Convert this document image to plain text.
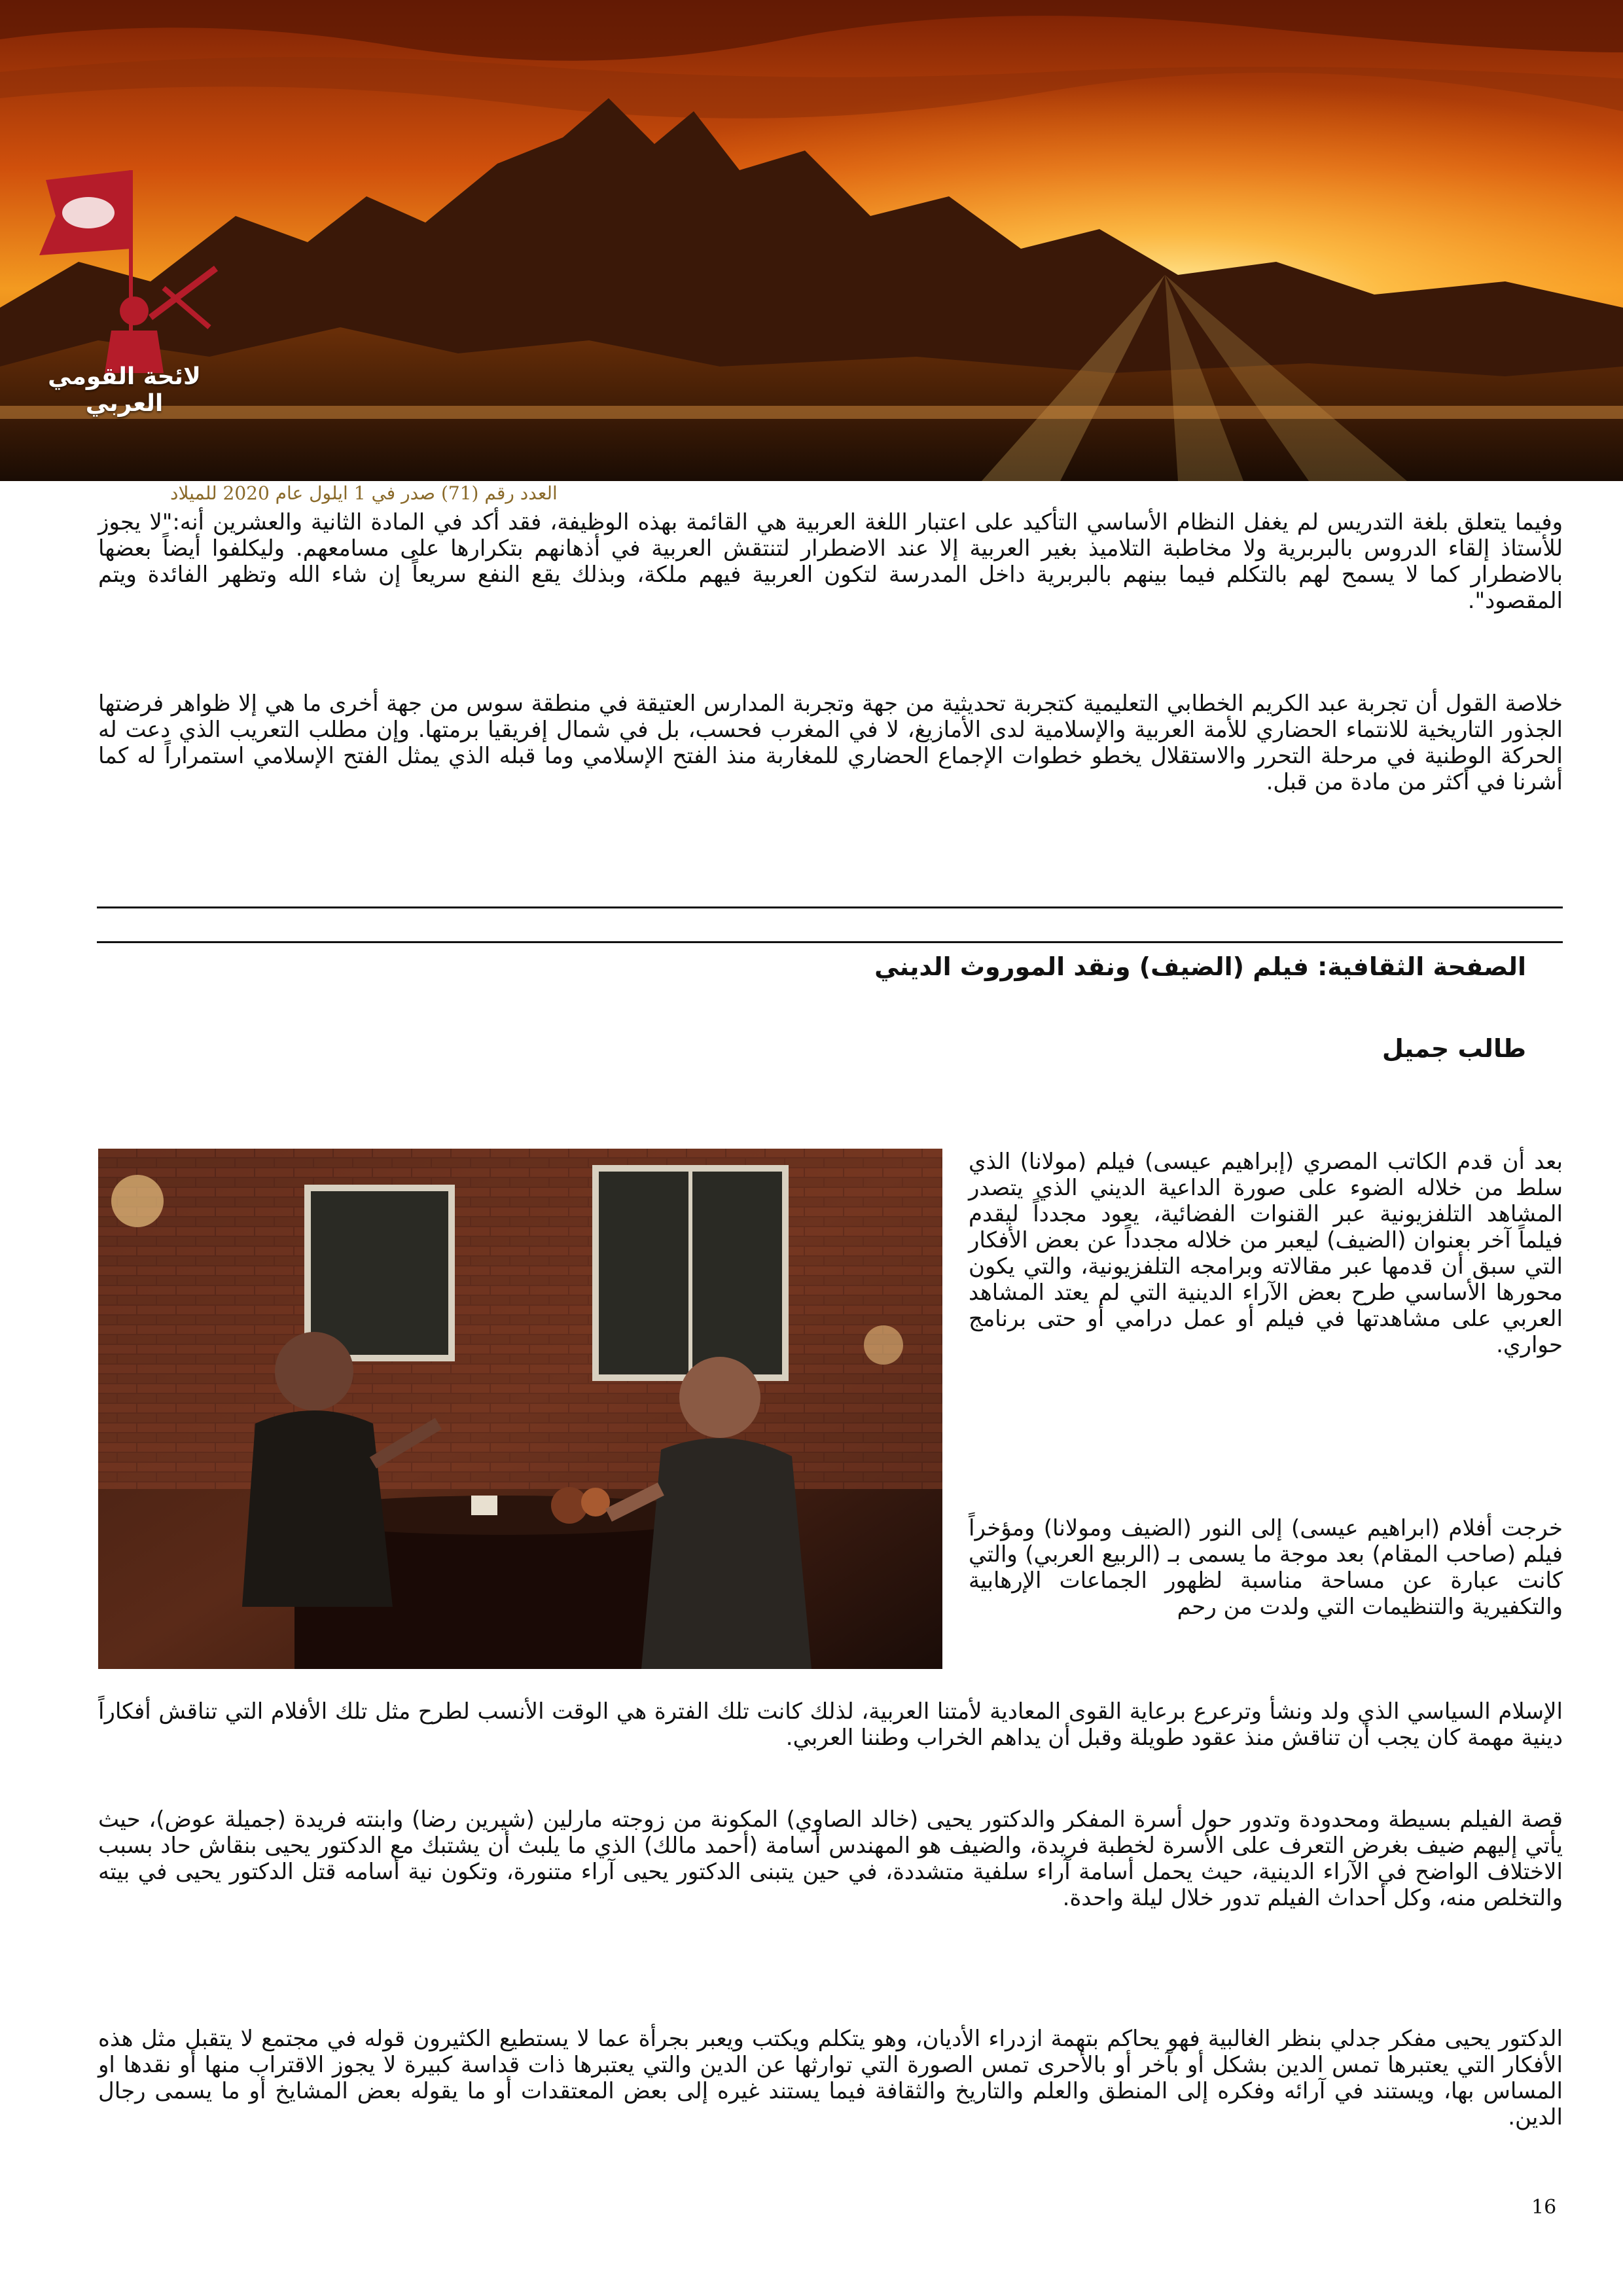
لائحة القومي العربي
العدد رقم (71) صدر في 1 ايلول عام 2020 للميلاد

وفيما يتعلق بلغة التدريس لم يغفل النظام الأساسي التأكيد على اعتبار اللغة العربية هي القائمة بهذه الوظيفة، فقد أكد في المادة الثانية والعشرين أنه:"لا يجوز للأستاذ إلقاء الدروس بالبربرية ولا مخاطبة التلاميذ بغير العربية إلا عند الاضطرار لتنتقش العربية في أذهانهم بتكرارها على مسامعهم. وليكلفوا أيضاً بعضها بالاضطرار كما لا يسمح لهم بالتكلم فيما بينهم بالبربرية داخل المدرسة لتكون العربية فيهم ملكة، وبذلك يقع النفع سريعاً إن شاء الله وتظهر الفائدة ويتم المقصود".

خلاصة القول أن تجربة عبد الكريم الخطابي التعليمية كتجربة تحديثية من جهة وتجربة المدارس العتيقة في منطقة سوس من جهة أخرى ما هي إلا ظواهر فرضتها الجذور التاريخية للانتماء الحضاري للأمة العربية والإسلامية لدى الأمازيغ، لا في المغرب فحسب، بل في شمال إفريقيا برمتها. وإن مطلب التعريب الذي دعت له الحركة الوطنية في مرحلة التحرر والاستقلال يخطو خطوات الإجماع الحضاري للمغاربة منذ الفتح الإسلامي وما قبله الذي يمثل الفتح الإسلامي استمراراً له كما أشرنا في أكثر من مادة من قبل.

الصفحة الثقافية: فيلم (الضيف) ونقد الموروث الديني
طالب جميل

بعد أن قدم الكاتب المصري (إبراهيم عيسى) فيلم (مولانا) الذي سلط من خلاله الضوء على صورة الداعية الديني الذي يتصدر المشاهد التلفزيونية عبر القنوات الفضائية، يعود مجدداً ليقدم فيلماً آخر بعنوان (الضيف) ليعبر من خلاله مجدداً عن بعض الأفكار التي سبق أن قدمها عبر مقالاته وبرامجه التلفزيونية، والتي يكون محورها الأساسي طرح بعض الآراء الدينية التي لم يعتد المشاهد العربي على مشاهدتها في فيلم أو عمل درامي أو حتى برنامج حواري.

خرجت أفلام (ابراهيم عيسى) إلى النور (الضيف ومولانا) ومؤخراً فيلم (صاحب المقام) بعد موجة ما يسمى بـ (الربيع العربي) والتي كانت عبارة عن مساحة مناسبة لظهور الجماعات الإرهابية والتكفيرية والتنظيمات التي ولدت من رحم

الإسلام السياسي الذي ولد ونشأ وترعرع برعاية القوى المعادية لأمتنا العربية، لذلك كانت تلك الفترة هي الوقت الأنسب لطرح مثل تلك الأفلام التي تناقش أفكاراً دينية مهمة كان يجب أن تناقش منذ عقود طويلة وقبل أن يداهم الخراب وطننا العربي.

قصة الفيلم بسيطة ومحدودة وتدور حول أسرة المفكر والدكتور يحيى (خالد الصاوي) المكونة من زوجته مارلين (شيرين رضا) وابنته فريدة (جميلة عوض)، حيث يأتي إليهم ضيف بغرض التعرف على الأسرة لخطبة فريدة، والضيف هو المهندس أسامة (أحمد مالك) الذي ما يلبث أن يشتبك مع الدكتور يحيى بنقاش حاد بسبب الاختلاف الواضح في الآراء الدينية، حيث يحمل أسامة آراء سلفية متشددة، في حين يتبنى الدكتور يحيى آراء متنورة، وتكون نية أسامه قتل الدكتور يحيى في بيته والتخلص منه، وكل أحداث الفيلم تدور خلال ليلة واحدة.

الدكتور يحيى مفكر جدلي بنظر الغالبية فهو يحاكم بتهمة ازدراء الأديان، وهو يتكلم ويكتب ويعبر بجرأة عما لا يستطيع الكثيرون قوله في مجتمع لا يتقبل مثل هذه الأفكار التي يعتبرها تمس الدين بشكل أو بآخر أو بالأحرى تمس الصورة التي توارثها عن الدين والتي يعتبرها ذات قداسة كبيرة لا يجوز الاقتراب منها أو نقدها او المساس بها، ويستند في آرائه وفكره إلى المنطق والعلم والتاريخ والثقافة فيما يستند غيره إلى بعض المعتقدات أو ما يقوله بعض المشايخ أو ما يسمى رجال الدين.

16
